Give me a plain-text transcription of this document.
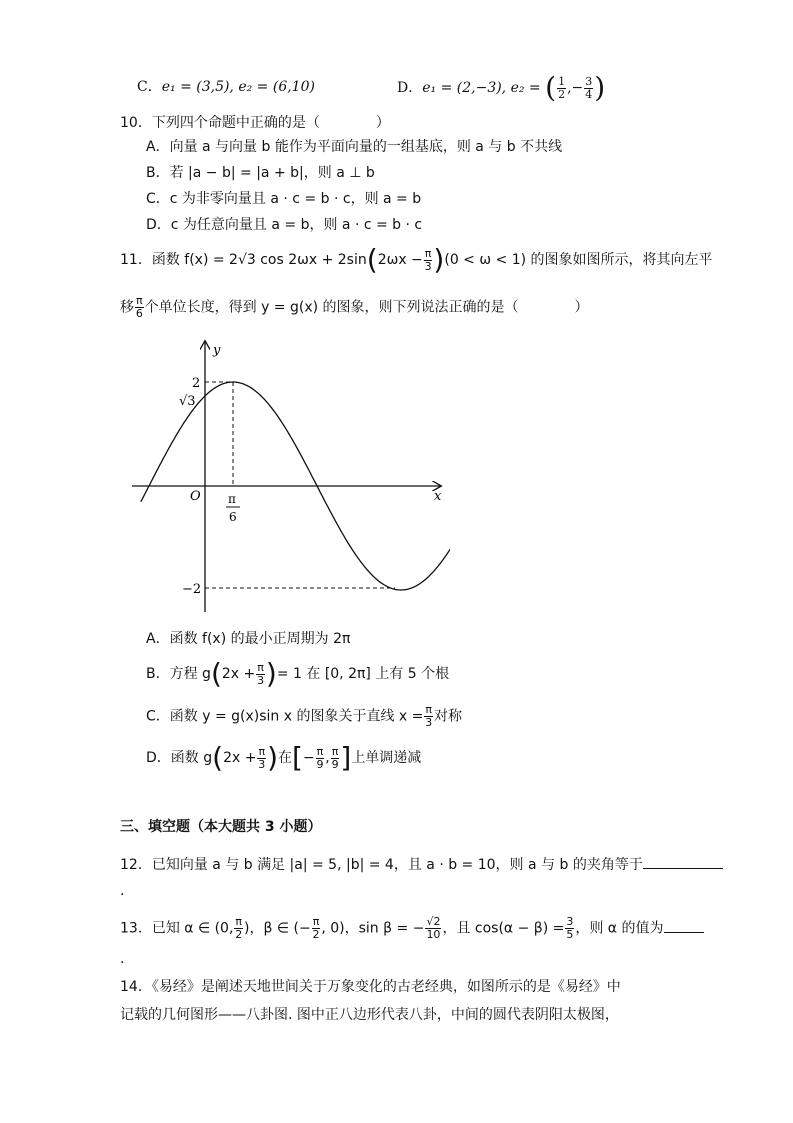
C．e₁ = (3,5), e₂ = (6,10)	D．e₁ = (2,−3), e₂ = ( $\frac{1}{2}$ ,− $\frac{3}{4}$ )
10．下列四个命题中正确的是（　　　　）
A．向量 a 与向量 b 能作为平面向量的一组基底，则 a 与 b 不共线
B．若 |a − b| = |a + b|，则 a ⊥ b
C．c 为非零向量且 a · c = b · c，则 a = b
D．c 为任意向量且 a = b，则 a · c = b · c
11．函数 f(x) = 2√3 $\cos 2\omega x + 2\sin(2\omega x - \frac{\pi}{3} )(0 < \omega < 1)$ 的图象如图所示，将其向左平
移 $\frac{\pi}{6}$ 个单位长度，得到 y = g(x) 的图象，则下列说法正确的是（　　　　）
y
x
O
2
√3
−2
π
6
A．函数 f(x) 的最小正周期为 2π
B．方程 $g(2x + \frac{\pi}{3}$ )= 1 在 [0, 2π] 上有 5 个根
C．函数 y = g(x)sin x 的图象关于直线 $x = \frac{\pi}{3}$ 对称
D．函数 $g(2x + \frac{\pi}{3}$ )在[− $\frac{\pi}{9}$ , $\frac{\pi}{9}$ ]上单调递减
三、填空题（本大题共 3 小题）
12．已知向量 a 与 b 满足 |a| = 5, |b| = 4，且 a · b = 10，则 a 与 b 的夹角等于
.
13．已知 α ∈ (0, $\frac{\pi}{2}$ )，β ∈ (− $\frac{\pi}{2}$ , 0)，sin β = − $\frac{√2}{10}$ ，且 $\cos(\alpha - \beta) = \frac{3}{5}$ ，则 α 的值为
.
14．《易经》是阐述天地世间关于万象变化的古老经典，如图所示的是《易经》中
记载的几何图形——八卦图. 图中正八边形代表八卦，中间的圆代表阴阳太极图，
